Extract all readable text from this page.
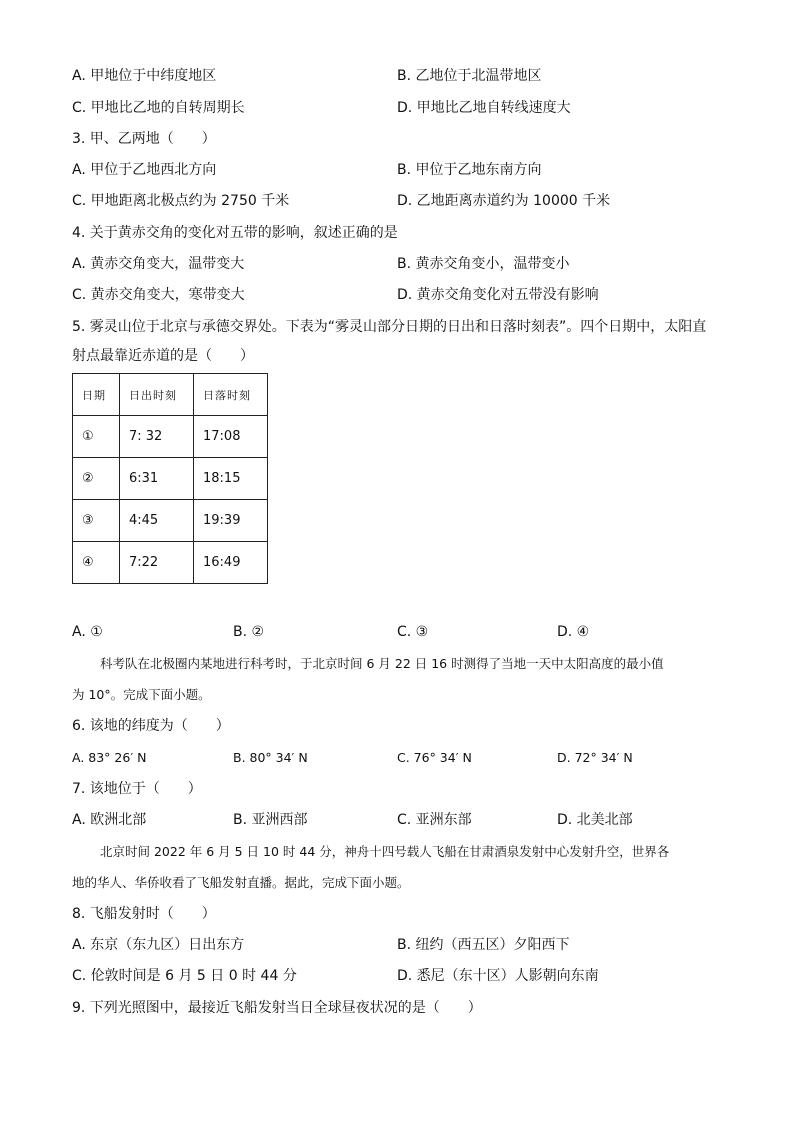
A. 甲地位于中纬度地区	B. 乙地位于北温带地区
C. 甲地比乙地的自转周期长	D. 甲地比乙地自转线速度大
3. 甲、乙两地（　　）
A. 甲位于乙地西北方向	B. 甲位于乙地东南方向
C. 甲地距离北极点约为 2750 千米	D. 乙地距离赤道约为 10000 千米
4. 关于黄赤交角的变化对五带的影响，叙述正确的是
A. 黄赤交角变大，温带变大	B. 黄赤交角变小，温带变小
C. 黄赤交角变大，寒带变大	D. 黄赤交角变化对五带没有影响
5. 雾灵山位于北京与承德交界处。下表为“雾灵山部分日期的日出和日落时刻表”。四个日期中，太阳直
射点最靠近赤道的是（　　）
日期	日出时刻	日落时刻
①	7: 32	17:08
②	6:31	18:15
③	4:45	19:39
④	7:22	16:49
A. ①	B. ②	C. ③	D. ④
科考队在北极圈内某地进行科考时，于北京时间 6 月 22 日 16 时测得了当地一天中太阳高度的最小值
为 10°。完成下面小题。
6. 该地的纬度为（　　）
A. 83° 26′ N	B. 80° 34′ N	C. 76° 34′ N	D. 72° 34′ N
7. 该地位于（　　）
A. 欧洲北部	B. 亚洲西部	C. 亚洲东部	D. 北美北部
北京时间 2022 年 6 月 5 日 10 时 44 分，神舟十四号载人飞船在甘肃酒泉发射中心发射升空，世界各
地的华人、华侨收看了飞船发射直播。据此，完成下面小题。
8. 飞船发射时（　　）
A. 东京（东九区）日出东方	B. 纽约（西五区）夕阳西下
C. 伦敦时间是 6 月 5 日 0 时 44 分	D. 悉尼（东十区）人影朝向东南
9. 下列光照图中，最接近飞船发射当日全球昼夜状况的是（　　）
